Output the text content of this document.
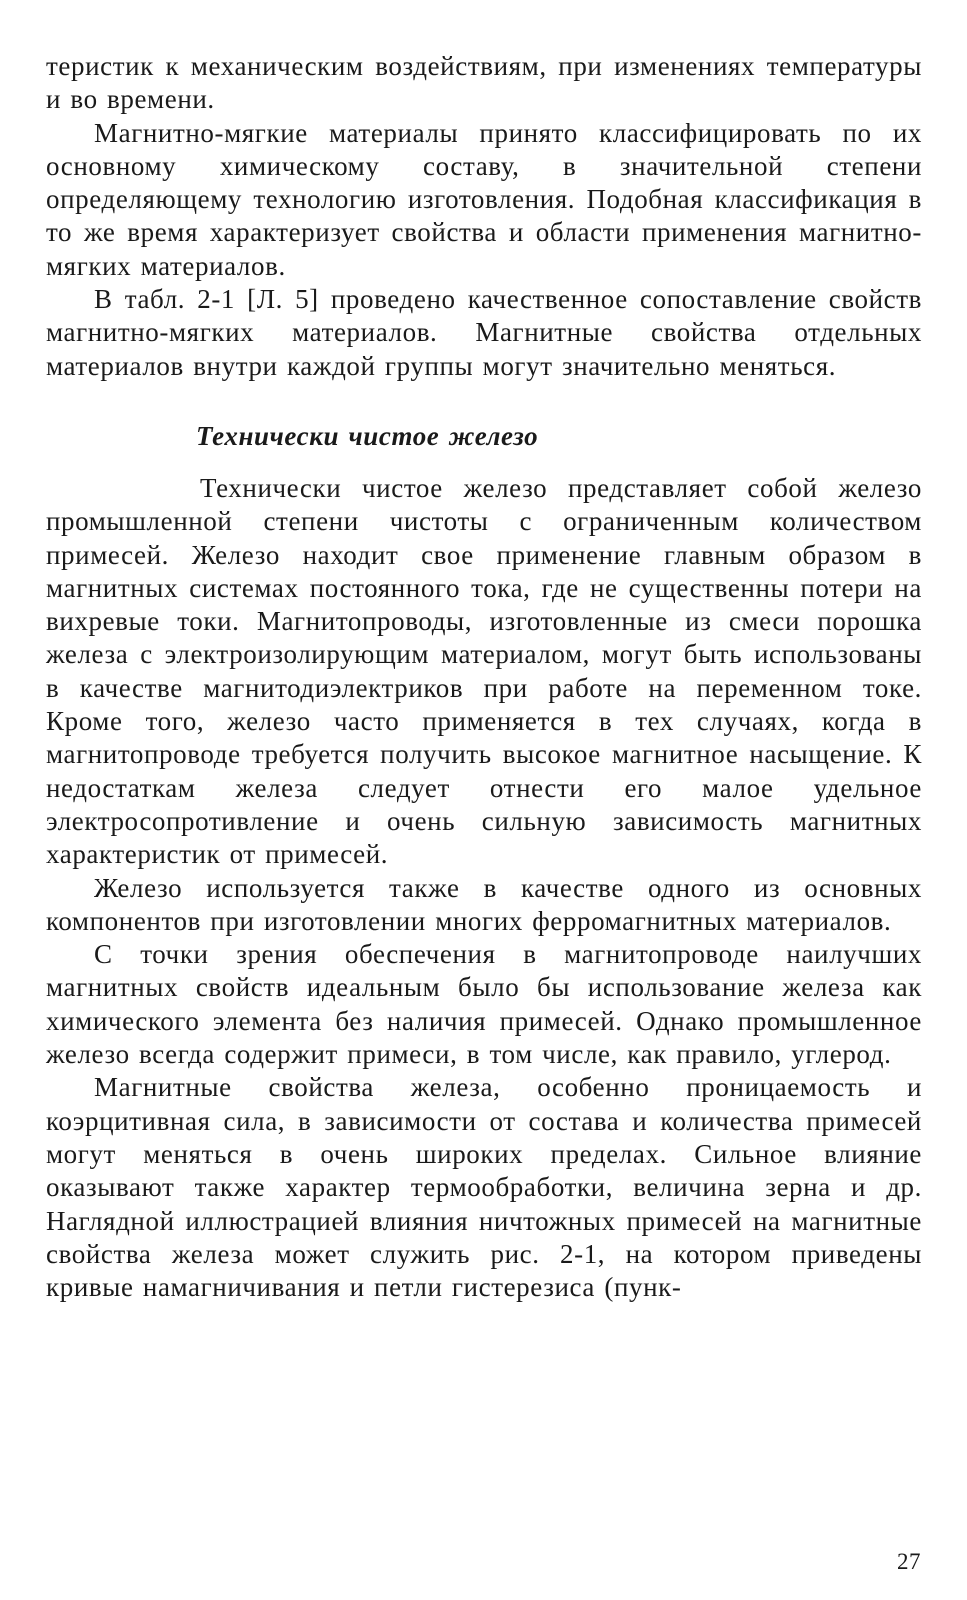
теристик к механическим воздействиям, при изменениях температуры и во времени.

Магнитно-мягкие материалы принято классифицировать по их основному химическому составу, в значительной степени определяющему технологию изготовления. Подобная классификация в то же время характеризует свойства и области применения магнитно-мягких материалов.

В табл. 2-1 [Л. 5] проведено качественное сопоставление свойств магнитно-мягких материалов. Магнитные свойства отдельных материалов внутри каждой группы могут значительно меняться.

Технически чистое железо

Технически чистое железо представляет собой железо промышленной степени чистоты с ограниченным количеством примесей. Железо находит свое применение главным образом в магнитных системах постоянного тока, где не существенны потери на вихревые токи. Магнитопроводы, изготовленные из смеси порошка железа с электроизолирующим материалом, могут быть использованы в качестве магнитодиэлектриков при работе на переменном токе. Кроме того, железо часто применяется в тех случаях, когда в магнитопроводе требуется получить высокое магнитное насыщение. К недостаткам железа следует отнести его малое удельное электросопротивление и очень сильную зависимость магнитных характеристик от примесей.

Железо используется также в качестве одного из основных компонентов при изготовлении многих ферромагнитных материалов.

С точки зрения обеспечения в магнитопроводе наилучших магнитных свойств идеальным было бы использование железа как химического элемента без наличия примесей. Однако промышленное железо всегда содержит примеси, в том числе, как правило, углерод.

Магнитные свойства железа, особенно проницаемость и коэрцитивная сила, в зависимости от состава и количества примесей могут меняться в очень широких пределах. Сильное влияние оказывают также характер термообработки, величина зерна и др. Наглядной иллюстрацией влияния ничтожных примесей на магнитные свойства железа может служить рис. 2-1, на котором приведены кривые намагничивания и петли гистерезиса (пунк-

27
